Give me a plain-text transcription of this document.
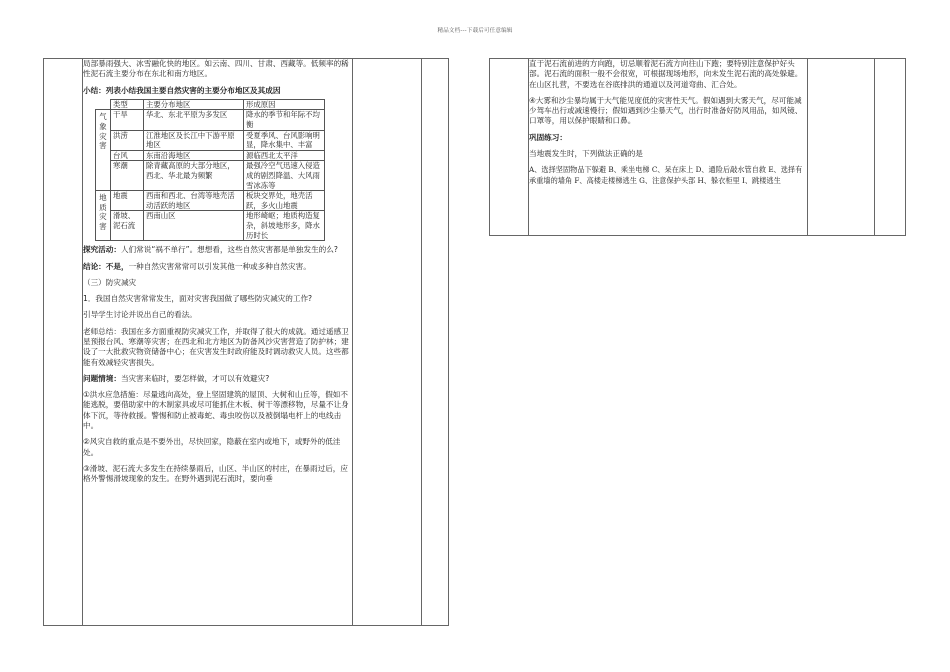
精品文档---下载后可任意编辑

局部暴雨强大、冰雪融化快的地区。如云南、四川、甘肃、西藏等。低频率的稀性泥石流主要分布在东北和南方地区。

小结：列表小结我国主要自然灾害的主要分布地区及其成因

	类型	主要分布地区	形成原因
气象灾害	干旱	华北、东北平原为多发区	降水的季节和年际不均衡
	洪涝	江淮地区及长江中下游平原地区	受夏季风、台风影响明显，降水集中、丰富
	台风	东南沿海地区	源临西北太平洋
	寒潮	除青藏高原的大部分地区，西北、华北最为频繁	最强冷空气迅速入侵造成的剧烈降温、大风雨雪冰冻等
地质灾害	地震	西南和西北、台湾等地壳活动活跃的地区	板块交界处，地壳活跃，多火山地震
	滑坡、泥石流	西南山区	地形崎岖；地质构造复杂，斜坡地形多，降水历时长

探究活动：人们常说“祸不单行”。想想看，这些自然灾害都是单独发生的么?

结论：不是，一种自然灾害常常可以引发其他一种或多种自然灾害。

（三）防灾减灾

1．我国自然灾害常常发生，面对灾害我国做了哪些防灾减灾的工作?

引导学生讨论并说出自己的看法。

老师总结：我国在多方面重视防灾减灾工作，并取得了很大的成就。通过遥感卫星预报台风、寒潮等灾害；在西北和北方地区为防备风沙灾害营造了防护林；建设了一大批救灾物资储备中心；在灾害发生时政府能及时调动救灾人员。这些都能有效减轻灾害损失。

问题情境：当灾害来临时，要怎样做，才可以有效避灾?

①洪水应急措施：尽量逃向高处，登上坚固建筑的屋顶、大树和山丘等，假如不能逃脱，要借助家中的木制家具或尽可能抓住木板、树干等漂移物，尽量不让身体下沉，等待救援。警惕和防止被毒蛇、毒虫咬伤以及被倒塌电杆上的电线击中。

②风灾自救的重点是不要外出，尽快回家，隐蔽在室内或地下，或野外的低洼处。

③滑坡、泥石流大多发生在持续暴雨后，山区、半山区的村庄，在暴雨过后，应格外警惕滑坡现象的发生。在野外遇到泥石流时，要向垂

直于泥石流前进的方向跑，切忌顺着泥石流方向往山下跑；要特别注意保护好头部。泥石流的面积一般不会很宽，可根据现场地形，向未发生泥石流的高处躲避。在山区扎营，不要选在谷底排洪的通道以及河道弯曲、汇合处。

④大雾和沙尘暴均属于大气能见度低的灾害性天气。假如遇到大雾天气，尽可能减少驾车出行或减速慢行；假如遇到沙尘暴天气，出行时准备好防风用品，如风镜、口罩等，用以保护眼睛和口鼻。

巩固练习：

当地震发生时，下列做法正确的是

A、选择坚固物品下躲避 B、乘坐电梯 C、呆在床上 D、通险后敲水管自救 E、选择有承重墙的墙角 F、高楼走楼梯逃生 G、注意保护头部 H、躲衣柜里 I、跳楼逃生
